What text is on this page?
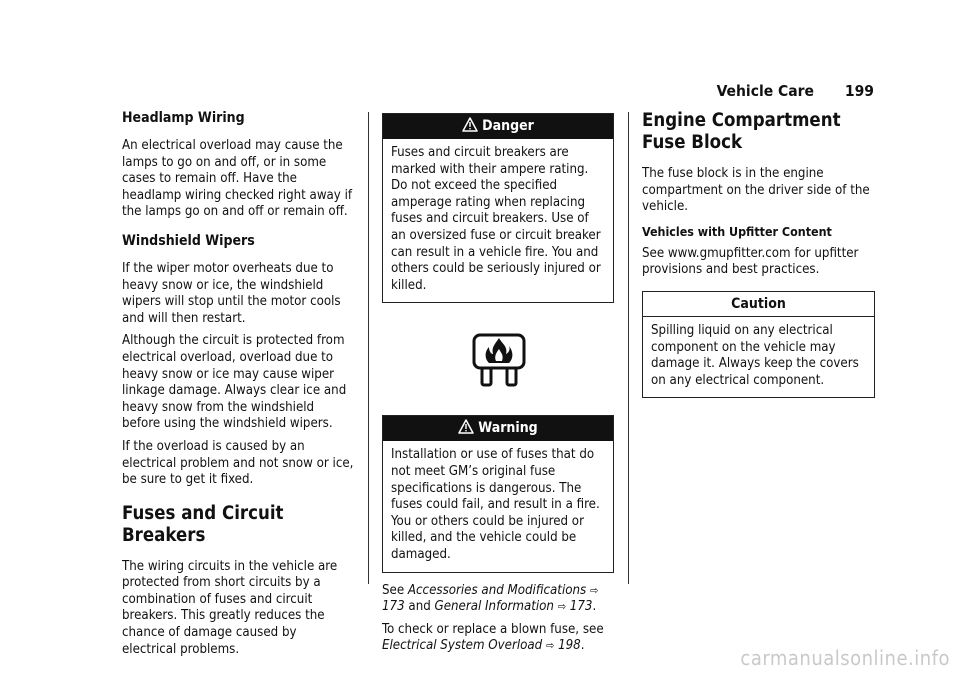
Vehicle Care 199
Headlamp Wiring

An electrical overload may cause the lamps to go on and off, or in some cases to remain off. Have the headlamp wiring checked right away if the lamps go on and off or remain off.

Windshield Wipers

If the wiper motor overheats due to heavy snow or ice, the windshield wipers will stop until the motor cools and will then restart.

Although the circuit is protected from electrical overload, overload due to heavy snow or ice may cause wiper linkage damage. Always clear ice and heavy snow from the windshield before using the windshield wipers.

If the overload is caused by an electrical problem and not snow or ice, be sure to get it fixed.

Fuses and Circuit Breakers

The wiring circuits in the vehicle are protected from short circuits by a combination of fuses and circuit breakers. This greatly reduces the chance of damage caused by electrical problems.

Danger
Fuses and circuit breakers are marked with their ampere rating. Do not exceed the specified amperage rating when replacing fuses and circuit breakers. Use of an oversized fuse or circuit breaker can result in a vehicle fire. You and others could be seriously injured or killed.
Warning
Installation or use of fuses that do not meet GM’s original fuse specifications is dangerous. The fuses could fail, and result in a fire. You or others could be injured or killed, and the vehicle could be damaged.

See Accessories and Modifications ⇨ 173 and General Information ⇨ 173.

To check or replace a blown fuse, see Electrical System Overload ⇨ 198.

Engine Compartment Fuse Block

The fuse block is in the engine compartment on the driver side of the vehicle.

Vehicles with Upfitter Content

See www.gmupfitter.com for upfitter provisions and best practices.

Caution
Spilling liquid on any electrical component on the vehicle may damage it. Always keep the covers on any electrical component.
carmanualsonline.info
